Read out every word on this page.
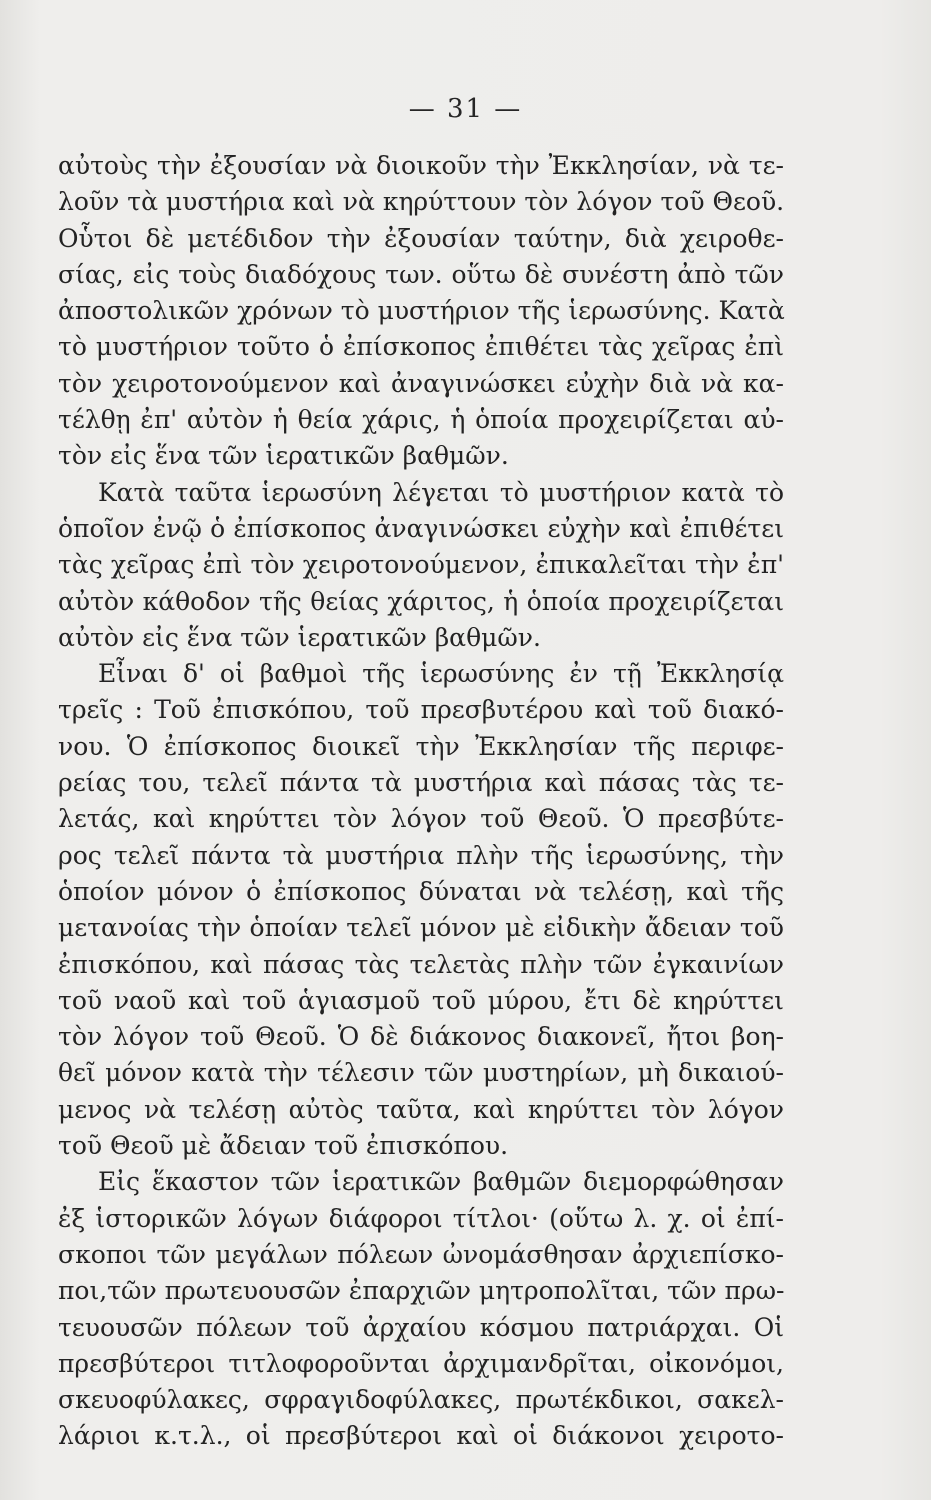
— 31 —
αὐτοὺς τὴν ἐξουσίαν νὰ διοικοῦν τὴν Ἐκκλησίαν, νὰ τε-
λοῦν τὰ μυστήρια καὶ νὰ κηρύττουν τὸν λόγον τοῦ Θεοῦ.
Οὗτοι δὲ μετέδιδον τὴν ἐξουσίαν ταύτην, διὰ χειροθε-
σίας, εἰς τοὺς διαδόχους των. οὕτω δὲ συνέστη ἀπὸ τῶν
ἀποστολικῶν χρόνων τὸ μυστήριον τῆς ἱερωσύνης. Κατὰ
τὸ μυστήριον τοῦτο ὁ ἐπίσκοπος ἐπιθέτει τὰς χεῖρας ἐπὶ
τὸν χειροτονούμενον καὶ ἀναγινώσκει εὐχὴν διὰ νὰ κα-
τέλθῃ ἐπ' αὐτὸν ἡ θεία χάρις, ἡ ὁποία προχειρίζεται αὐ-
τὸν εἰς ἕνα τῶν ἱερατικῶν βαθμῶν.
Κατὰ ταῦτα ἱερωσύνη λέγεται τὸ μυστήριον κατὰ τὸ
ὁποῖον ἐνῷ ὁ ἐπίσκοπος ἀναγινώσκει εὐχὴν καὶ ἐπιθέτει
τὰς χεῖρας ἐπὶ τὸν χειροτονούμενον, ἐπικαλεῖται τὴν ἐπ'
αὐτὸν κάθοδον τῆς θείας χάριτος, ἡ ὁποία προχειρίζεται
αὐτὸν εἰς ἕνα τῶν ἱερατικῶν βαθμῶν.
Εἶναι δ' οἱ βαθμοὶ τῆς ἱερωσύνης ἐν τῇ Ἐκκλησίᾳ
τρεῖς : Τοῦ ἐπισκόπου, τοῦ πρεσβυτέρου καὶ τοῦ διακό-
νου. Ὁ ἐπίσκοπος διοικεῖ τὴν Ἐκκλησίαν τῆς περιφε-
ρείας του, τελεῖ πάντα τὰ μυστήρια καὶ πάσας τὰς τε-
λετάς, καὶ κηρύττει τὸν λόγον τοῦ Θεοῦ. Ὁ πρεσβύτε-
ρος τελεῖ πάντα τὰ μυστήρια πλὴν τῆς ἱερωσύνης, τὴν
ὁποίον μόνον ὁ ἐπίσκοπος δύναται νὰ τελέσῃ, καὶ τῆς
μετανοίας τὴν ὁποίαν τελεῖ μόνον μὲ εἰδικὴν ἄδειαν τοῦ
ἐπισκόπου, καὶ πάσας τὰς τελετὰς πλὴν τῶν ἐγκαινίων
τοῦ ναοῦ καὶ τοῦ ἁγιασμοῦ τοῦ μύρου, ἔτι δὲ κηρύττει
τὸν λόγον τοῦ Θεοῦ. Ὁ δὲ διάκονος διακονεῖ, ἤτοι βοη-
θεῖ μόνον κατὰ τὴν τέλεσιν τῶν μυστηρίων, μὴ δικαιού-
μενος νὰ τελέσῃ αὐτὸς ταῦτα, καὶ κηρύττει τὸν λόγον
τοῦ Θεοῦ μὲ ἄδειαν τοῦ ἐπισκόπου.
Εἰς ἕκαστον τῶν ἱερατικῶν βαθμῶν διεμορφώθησαν
ἐξ ἱστορικῶν λόγων διάφοροι τίτλοι· (οὕτω λ. χ. οἱ ἐπί-
σκοποι τῶν μεγάλων πόλεων ὠνομάσθησαν ἀρχιεπίσκο-
ποι,τῶν πρωτευουσῶν ἐπαρχιῶν μητροπολῖται, τῶν πρω-
τευουσῶν πόλεων τοῦ ἀρχαίου κόσμου πατριάρχαι. Οἱ
πρεσβύτεροι τιτλοφοροῦνται ἀρχιμανδρῖται, οἰκονόμοι,
σκευοφύλακες, σφραγιδοφύλακες, πρωτέκδικοι, σακελ-
λάριοι κ.τ.λ., οἱ πρεσβύτεροι καὶ οἱ διάκονοι χειροτο-
